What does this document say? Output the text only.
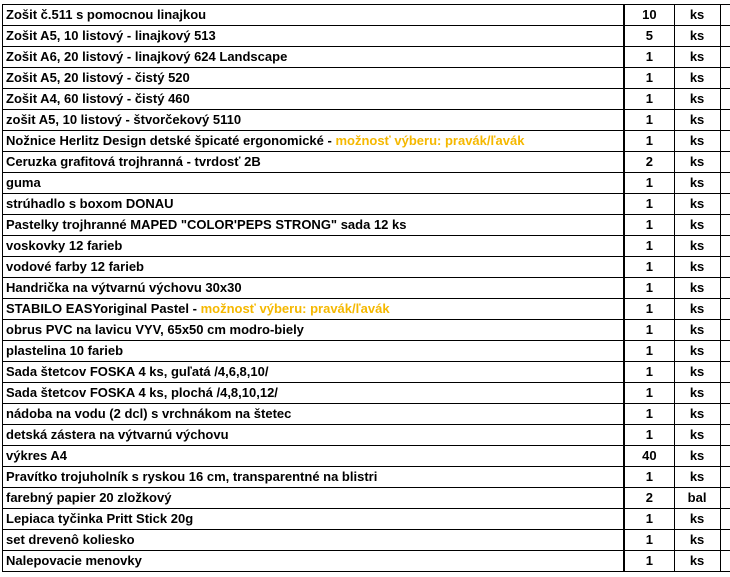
Zošit č.511 s pomocnou linajkou	10	ks	
Zošit A5, 10 listový - linajkový 513	5	ks	
Zošit A6, 20 listový - linajkový 624 Landscape	1	ks	
Zošit A5, 20 listový - čistý 520	1	ks	
Zošit A4, 60 listový - čistý 460	1	ks	
zošit A5, 10 listový - štvorčekový 5110	1	ks	
Nožnice Herlitz Design detské špicaté ergonomické - možnosť výberu: pravák/ľavák	1	ks	
Ceruzka grafitová trojhranná - tvrdosť 2B	2	ks	
guma	1	ks	
strúhadlo s boxom DONAU	1	ks	
Pastelky trojhranné MAPED "COLOR'PEPS STRONG" sada 12 ks	1	ks	
voskovky 12 farieb	1	ks	
vodové farby 12 farieb	1	ks	
Handrička na výtvarnú výchovu 30x30	1	ks	
STABILO EASYoriginal Pastel - možnosť výberu: pravák/ľavák	1	ks	
obrus PVC na lavicu VYV, 65x50 cm modro-biely	1	ks	
plastelina 10 farieb	1	ks	
Sada štetcov FOSKA 4 ks, guľatá /4,6,8,10/	1	ks	
Sada štetcov FOSKA 4 ks, plochá /4,8,10,12/	1	ks	
nádoba na vodu (2 dcl) s vrchnákom na štetec	1	ks	
detská zástera na výtvarnú výchovu	1	ks	
výkres A4	40	ks	
Pravítko trojuholník s ryskou 16 cm, transparentné na blistri	1	ks	
farebný papier 20 zložkový	2	bal	
Lepiaca tyčinka Pritt Stick 20g	1	ks	
set drevenô koliesko	1	ks	
Nalepovacie menovky	1	ks	
